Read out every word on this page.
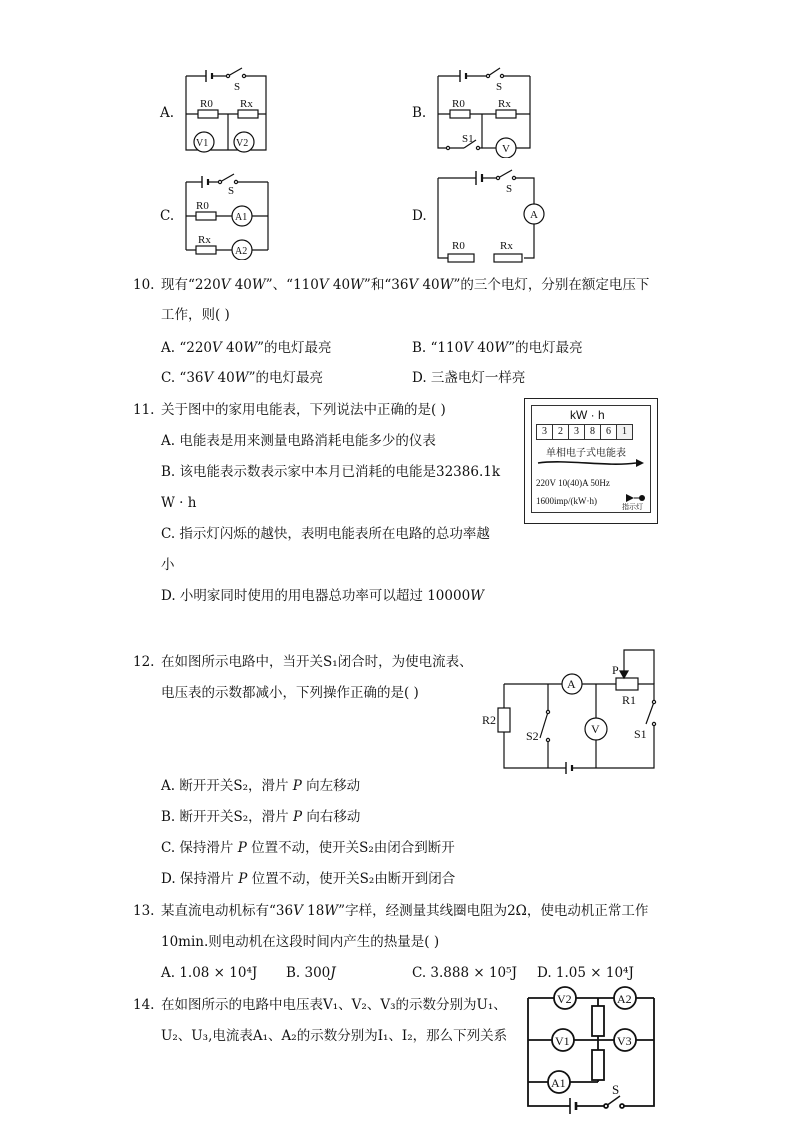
A.
S
R0 Rx
V1	V2
B.
S
R0	Rx
S1
V
C.
S
R0
A1
Rx
A2
D.
S
A
R0	Rx
10. 现有“220𝑉 40𝑊”、“110𝑉 40𝑊”和“36𝑉 40𝑊”的三个电灯，分别在额定电压下
工作，则( )
A. “220𝑉 40𝑊”的电灯最亮	B. “110𝑉 40𝑊”的电灯最亮
C. “36𝑉 40𝑊”的电灯最亮	D. 三盏电灯一样亮
11. 关于图中的家用电能表，下列说法中正确的是( )
A. 电能表是用来测量电路消耗电能多少的仪表
B. 该电能表示数表示家中本月已消耗的电能是32386.1k
W · h
C. 指示灯闪烁的越快，表明电能表所在电路的总功率越
小
D. 小明家同时使用的用电器总功率可以超过 10000𝑊
kW · h
3	2	3	8	6	1
单相电子式电能表
220V 10(40)A 50Hz
1600imp/(kW·h)
指示灯
12. 在如图所示电路中，当开关S₁闭合时，为使电流表、
电压表的示数都减小，下列操作正确的是( )
P
A
R1
R2
S2	V	S1
A. 断开开关S₂，滑片 𝑃 向左移动
B. 断开开关S₂，滑片 𝑃 向右移动
C. 保持滑片 𝑃 位置不动，使开关S₂由闭合到断开
D. 保持滑片 𝑃 位置不动，使开关S₂由断开到闭合
13. 某直流电动机标有“36𝑉 18𝑊”字样，经测量其线圈电阻为2Ω，使电动机正常工作
10min.则电动机在这段时间内产生的热量是( )
A. 1.08 × 10⁴J B. 300𝐽	C. 3.888 × 10⁵J D. 1.05 × 10⁴J
14. 在如图所示的电路中电压表V₁、V₂、V₃的示数分别为U₁、
U₂、U₃,电流表A₁、A₂的示数分别为I₁、I₂，那么下列关系
V2	A2
V1	V3
A1	S
